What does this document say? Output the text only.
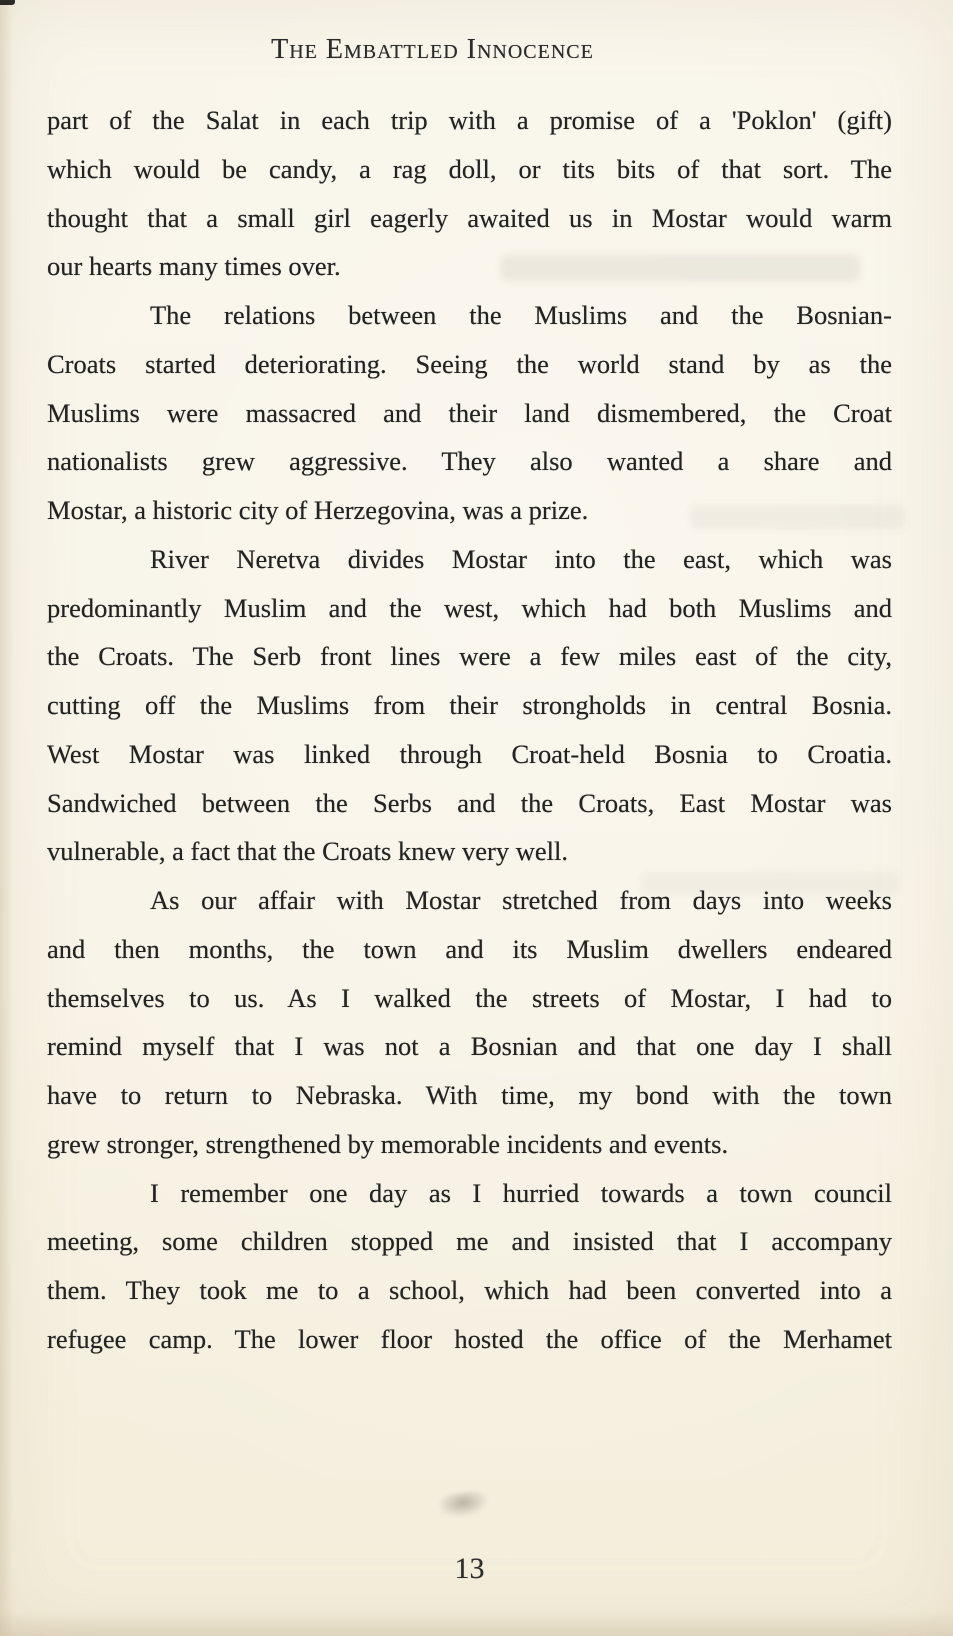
The Embattled Innocence
part of the Salat in each trip with a promise of a 'Poklon' (gift)
which would be candy, a rag doll, or tits bits of that sort. The
thought that a small girl eagerly awaited us in Mostar would warm
our hearts many times over.
The relations between the Muslims and the Bosnian-
Croats started deteriorating. Seeing the world stand by as the
Muslims were massacred and their land dismembered, the Croat
nationalists grew aggressive. They also wanted a share and
Mostar, a historic city of Herzegovina, was a prize.
River Neretva divides Mostar into the east, which was
predominantly Muslim and the west, which had both Muslims and
the Croats. The Serb front lines were a few miles east of the city,
cutting off the Muslims from their strongholds in central Bosnia.
West Mostar was linked through Croat-held Bosnia to Croatia.
Sandwiched between the Serbs and the Croats, East Mostar was
vulnerable, a fact that the Croats knew very well.
As our affair with Mostar stretched from days into weeks
and then months, the town and its Muslim dwellers endeared
themselves to us. As I walked the streets of Mostar, I had to
remind myself that I was not a Bosnian and that one day I shall
have to return to Nebraska. With time, my bond with the town
grew stronger, strengthened by memorable incidents and events.
I remember one day as I hurried towards a town council
meeting, some children stopped me and insisted that I accompany
them. They took me to a school, which had been converted into a
refugee camp. The lower floor hosted the office of the Merhamet
13
